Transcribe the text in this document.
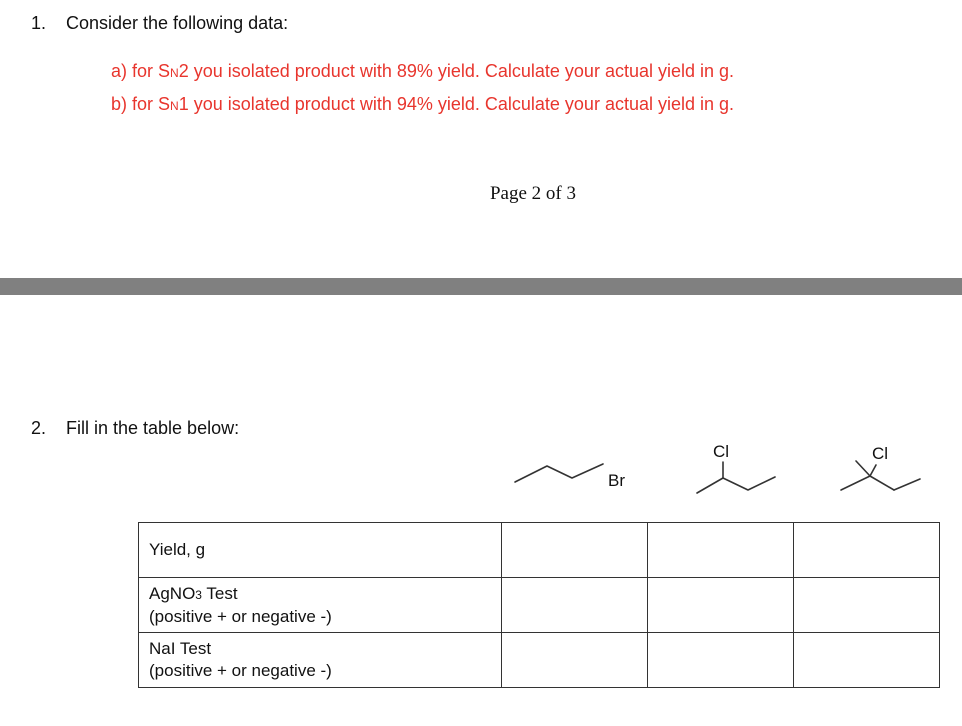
1. Consider the following data:
a) for SN2 you isolated product with 89% yield. Calculate your actual yield in g.
b) for SN1 you isolated product with 94% yield. Calculate your actual yield in g.
Page 2 of 3
2. Fill in the table below:
Br
Cl	Cl
Yield, g			
AgNO3 Test
(positive + or negative -)			
NaI Test
(positive + or negative -)			
